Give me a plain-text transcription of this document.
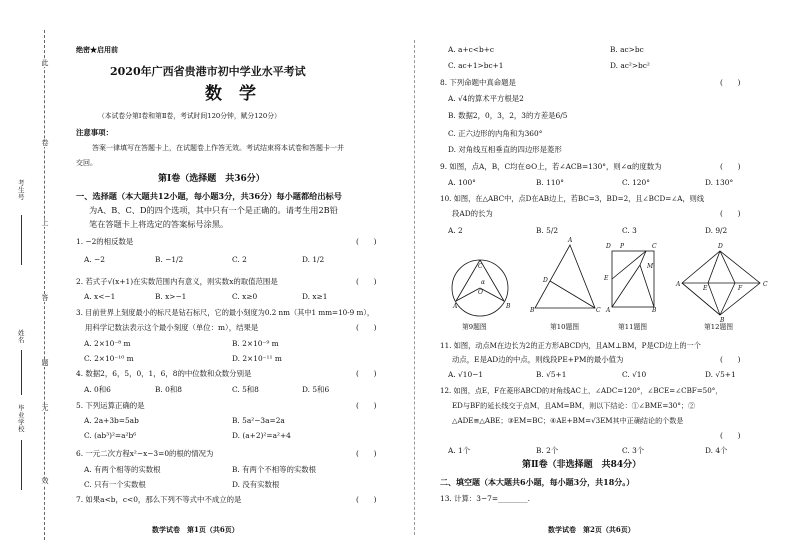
此
卷
上
答
题
无
效
考生号
姓名
毕业学校
绝密★启用前
2020年广西省贵港市初中学业水平考试
数　学
（本试卷分第Ⅰ卷和第Ⅱ卷，考试时间120分钟，赋分120分）
注意事项：
答案一律填写在答题卡上，在试题卷上作答无效。考试结束将本试卷和答题卡一并
交回。
第Ⅰ卷（选择题　共36分）
一、选择题（本大题共12小题，每小题3分，共36分）每小题都给出标号
为A、B、C、D的四个选项，其中只有一个是正确的。请考生用2B铅
笔在答题卡上将选定的答案标号涂黑。
1. −2的相反数是	(　　)
A. −2	B. −1/2	C. 2	D. 1/2
2. 若式子√(x+1)在实数范围内有意义，则实数x的取值范围是	(　　)
A. x<−1	B. x>−1	C. x≥0	D. x≥1
3. 目前世界上刻度最小的标尺是钻石标尺，它的最小刻度为0.2 nm（其中1 mm=10-9 m），
用科学记数法表示这个最小刻度（单位：m），结果是	(　　)
A. 2×10⁻⁸ m	B. 2×10⁻⁹ m
C. 2×10⁻¹⁰ m	D. 2×10⁻¹¹ m
4. 数据2，6，5，0，1，6，8的中位数和众数分别是	(　　)
A. 0和6	B. 0和8	C. 5和8	D. 5和6
5. 下列运算正确的是	(　　)
A. 2a+3b=5ab	B. 5a²−3a=2a
C. (ab³)²=a²b⁶	D. (a+2)²=a²+4
6. 一元二次方程x²−x−3=0的根的情况为	(　　)
A. 有两个相等的实数根	B. 有两个不相等的实数根
C. 只有一个实数根	D. 没有实数根
7. 如果a<b，c<0，那么下列不等式中不成立的是	(　　)
数学试卷　第1页（共6页）
A. a+c<b+c	B. ac>bc
C. ac+1>bc+1	D. ac²>bc²
8. 下列命题中真命题是	(　　)
A. √4的算术平方根是2
B. 数据2，0，3，2，3的方差是6/5
C. 正六边形的内角和为360°
D. 对角线互相垂直的四边形是菱形
9. 如图，点A，B，C均在⊙O上，若∠ACB=130°，则∠α的度数为	(　　)
A. 100°	B. 110°	C. 120°	D. 130°
10. 如图，在△ABC中，点D在AB边上，若BC=3，BD=2，且∠BCD=∠A，则线
段AD的长为	(　　)
A. 2	B. 5/2	C. 3	D. 9/2
A	B
C
O
α
A
B	C
D
D P	C
E
M
A	B
D
A	C
B
E	F
第9题图	第10题图	第11题图	第12题图
11. 如图，动点M在边长为2的正方形ABCD内，且AM⊥BM，P是CD边上的一个
动点，E是AD边的中点，则线段PE+PM的最小值为	(　　)
A. √10−1	B. √5+1	C. √10	D. √5+1
12. 如图，点E，F在菱形ABCD的对角线AC上，∠ADC=120°，∠BCE=∠CBF=50°，
ED与BF的延长线交于点M，且AM=BM，则以下结论：①∠BME=30°；②
△ADE≌△ABE；③EM=BC；④AE+BM=√3EM其中正确结论的个数是
(　　)
A. 1个	B. 2个	C. 3个	D. 4个
第Ⅱ卷（非选择题　共84分）
二、填空题（本大题共6小题，每小题3分，共18分。）
13. 计算：3−7=________.
数学试卷　第2页（共6页）
